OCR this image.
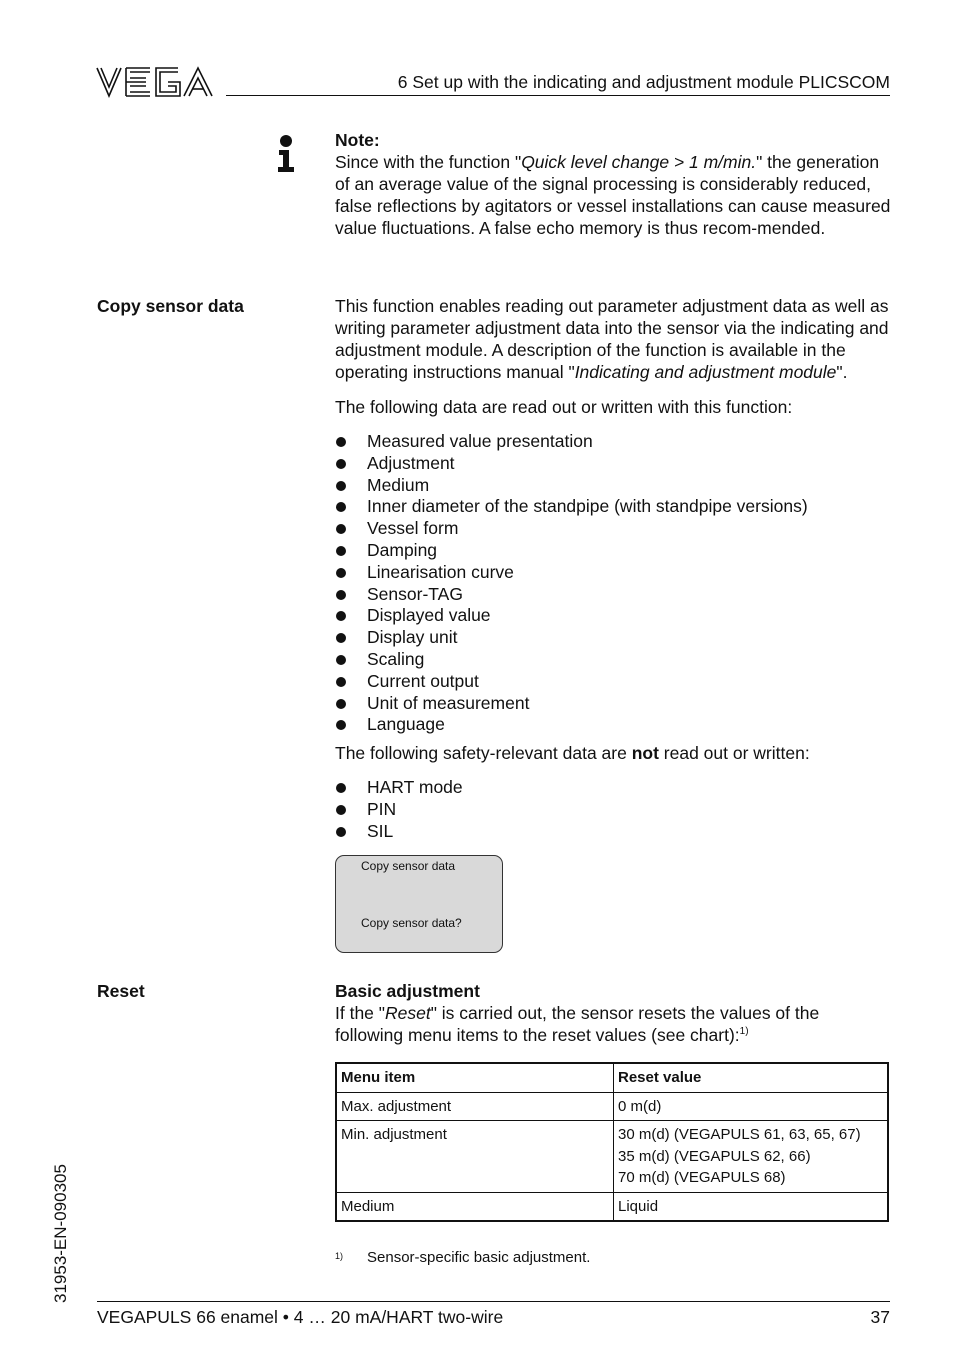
6 Set up with the indicating and adjustment module PLICSCOM
Note:
Since with the function "Quick level change > 1 m/min." the generation of an average value of the signal processing is considerably reduced, false reflections by agitators or vessel installations can cause measured value fluctuations. A false echo memory is thus recom-mended.
Copy sensor data	This function enables reading out parameter adjustment data as well as writing parameter adjustment data into the sensor via the indicating and adjustment module. A description of the function is available in the operating instructions manual "Indicating and adjustment module".

The following data are read out or written with this function:

Measured value presentation
Adjustment
Medium
Inner diameter of the standpipe (with standpipe versions)
Vessel form
Damping
Linearisation curve
Sensor-TAG
Displayed value
Display unit
Scaling
Current output
Unit of measurement
Language

The following safety-relevant data are not read out or written:

HART mode
PIN
SIL
Copy sensor data
Copy sensor data?
Reset	Basic adjustment
If the "Reset" is carried out, the sensor resets the values of the following menu items to the reset values (see chart):$^{1)}$
Menu item	Reset value
Max. adjustment	0 m(d)

Min. adjustment	30 m(d) (VEGAPULS 61, 63, 65, 67)
35 m(d) (VEGAPULS 62, 66)
70 m(d) (VEGAPULS 68)

Medium	Liquid
$^{1)}$ Sensor-specific basic adjustment.
31953-EN-090305
VEGAPULS 66 enamel • 4 … 20 mA/HART two-wire	37
